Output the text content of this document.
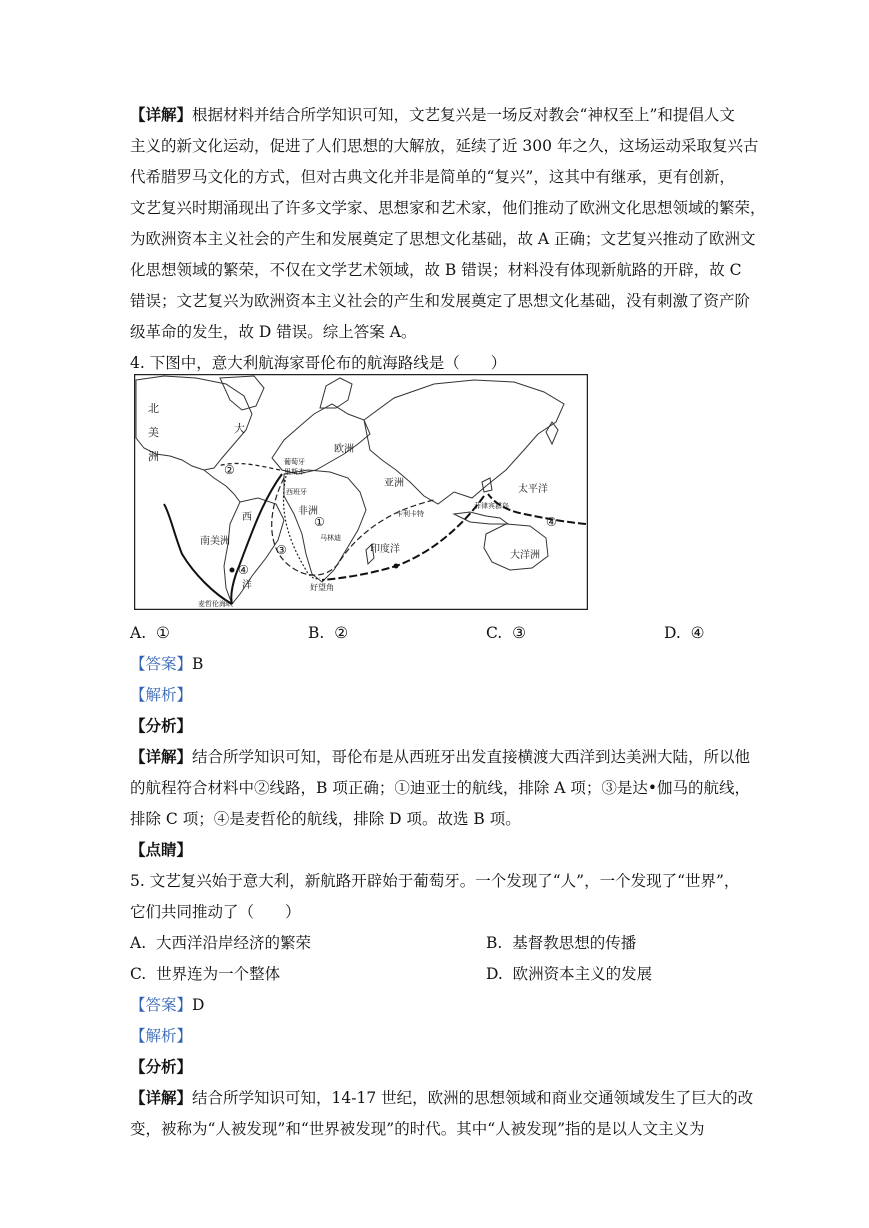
【详解】根据材料并结合所学知识可知，文艺复兴是一场反对教会“神权至上”和提倡人文
主义的新文化运动，促进了人们思想的大解放，延续了近 300 年之久，这场运动采取复兴古
代希腊罗马文化的方式，但对古典文化并非是简单的“复兴”，这其中有继承，更有创新，
文艺复兴时期涌现出了许多文学家、思想家和艺术家，他们推动了欧洲文化思想领域的繁荣，
为欧洲资本主义社会的产生和发展奠定了思想文化基础，故 A 正确；文艺复兴推动了欧洲文
化思想领域的繁荣，不仅在文学艺术领域，故 B 错误；材料没有体现新航路的开辟，故 C
错误；文艺复兴为欧洲资本主义社会的产生和发展奠定了思想文化基础，没有刺激了资产阶
级革命的发生，故 D 错误。综上答案 A。
4. 下图中，意大利航海家哥伦布的航海路线是（　　）
北美洲
大
欧洲
葡萄牙
里斯本
西班牙
亚洲
太平洋
菲律宾群岛
西
非洲	卡利卡特
南美洲	马林迪
印度洋
大洋洲
洋	好望角
麦哲伦海峡
①
②
③
④
④
A. ①	B. ②	C. ③	D. ④
【答案】B
【解析】
【分析】
【详解】结合所学知识可知，哥伦布是从西班牙出发直接横渡大西洋到达美洲大陆，所以他
的航程符合材料中②线路，B 项正确；①迪亚士的航线，排除 A 项；③是达•伽马的航线，
排除 C 项；④是麦哲伦的航线，排除 D 项。故选 B 项。
【点睛】
5. 文艺复兴始于意大利，新航路开辟始于葡萄牙。一个发现了“人”，一个发现了“世界”，
它们共同推动了（　　）
A. 大西洋沿岸经济的繁荣	B. 基督教思想的传播
C. 世界连为一个整体	D. 欧洲资本主义的发展
【答案】D
【解析】
【分析】
【详解】结合所学知识可知，14-17 世纪，欧洲的思想领域和商业交通领域发生了巨大的改
变，被称为“人被发现”和“世界被发现”的时代。其中“人被发现”指的是以人文主义为
